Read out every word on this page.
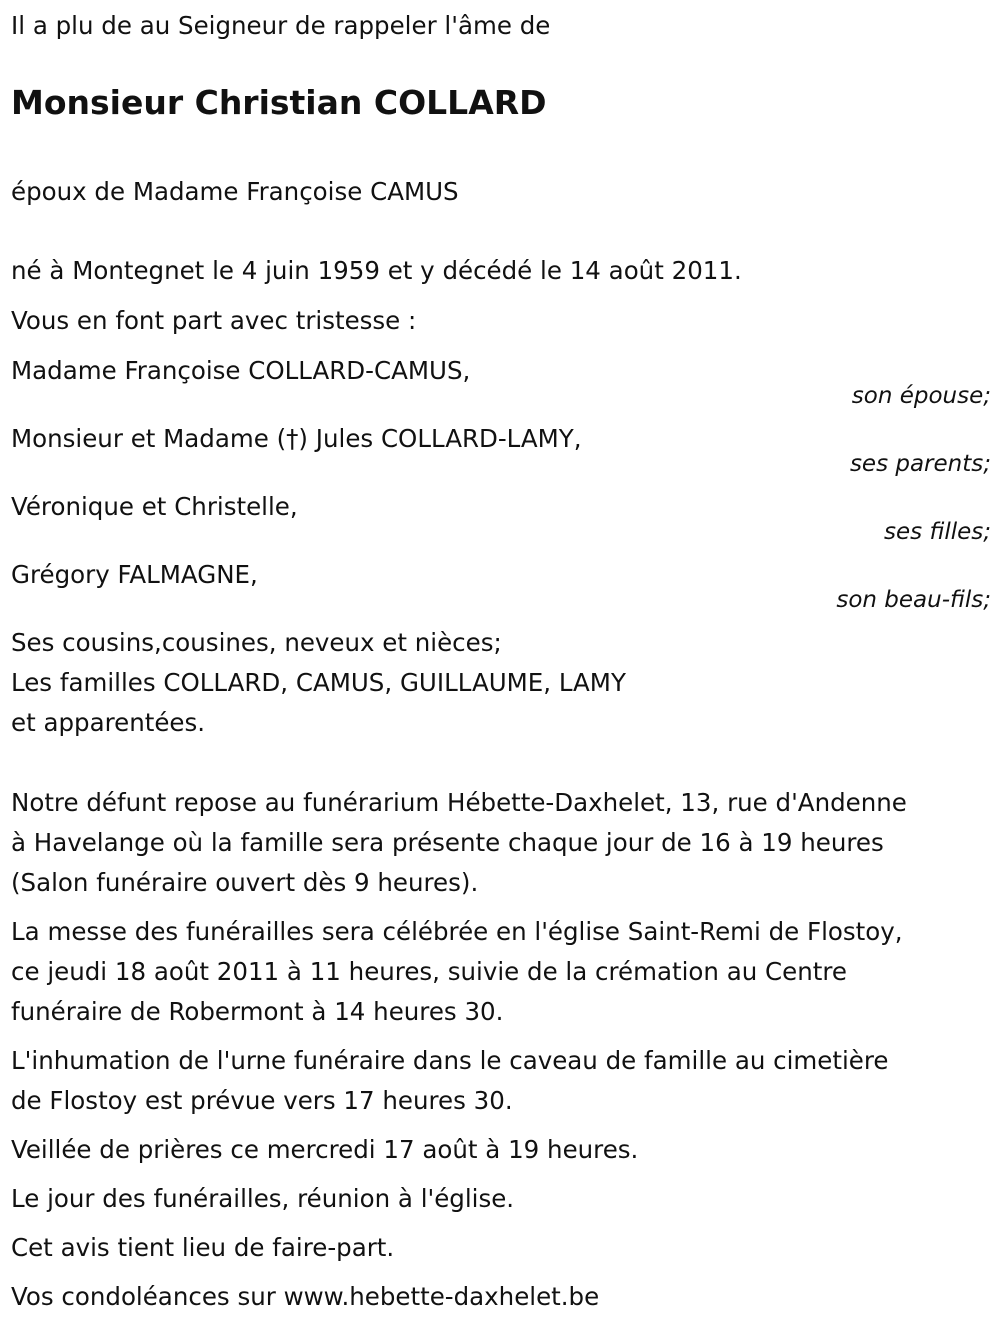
Il a plu de au Seigneur de rappeler l'âme de
Monsieur Christian COLLARD
époux de Madame Françoise CAMUS
né à Montegnet le 4 juin 1959 et y décédé le 14 août 2011.
Vous en font part avec tristesse :
Madame Françoise COLLARD-CAMUS,
son épouse;
Monsieur et Madame (†) Jules COLLARD-LAMY,
ses parents;
Véronique et Christelle,
ses filles;
Grégory FALMAGNE,
son beau-fils;
Ses cousins,cousines, neveux et nièces;
Les familles COLLARD, CAMUS, GUILLAUME, LAMY
et apparentées.
Notre défunt repose au funérarium Hébette-Daxhelet, 13, rue d'Andenne
à Havelange où la famille sera présente chaque jour de 16 à 19 heures
(Salon funéraire ouvert dès 9 heures).
La messe des funérailles sera célébrée en l'église Saint-Remi de Flostoy,
ce jeudi 18 août 2011 à 11 heures, suivie de la crémation au Centre
funéraire de Robermont à 14 heures 30.
L'inhumation de l'urne funéraire dans le caveau de famille au cimetière
de Flostoy est prévue vers 17 heures 30.
Veillée de prières ce mercredi 17 août à 19 heures.
Le jour des funérailles, réunion à l'église.
Cet avis tient lieu de faire-part.
Vos condoléances sur www.hebette-daxhelet.be
